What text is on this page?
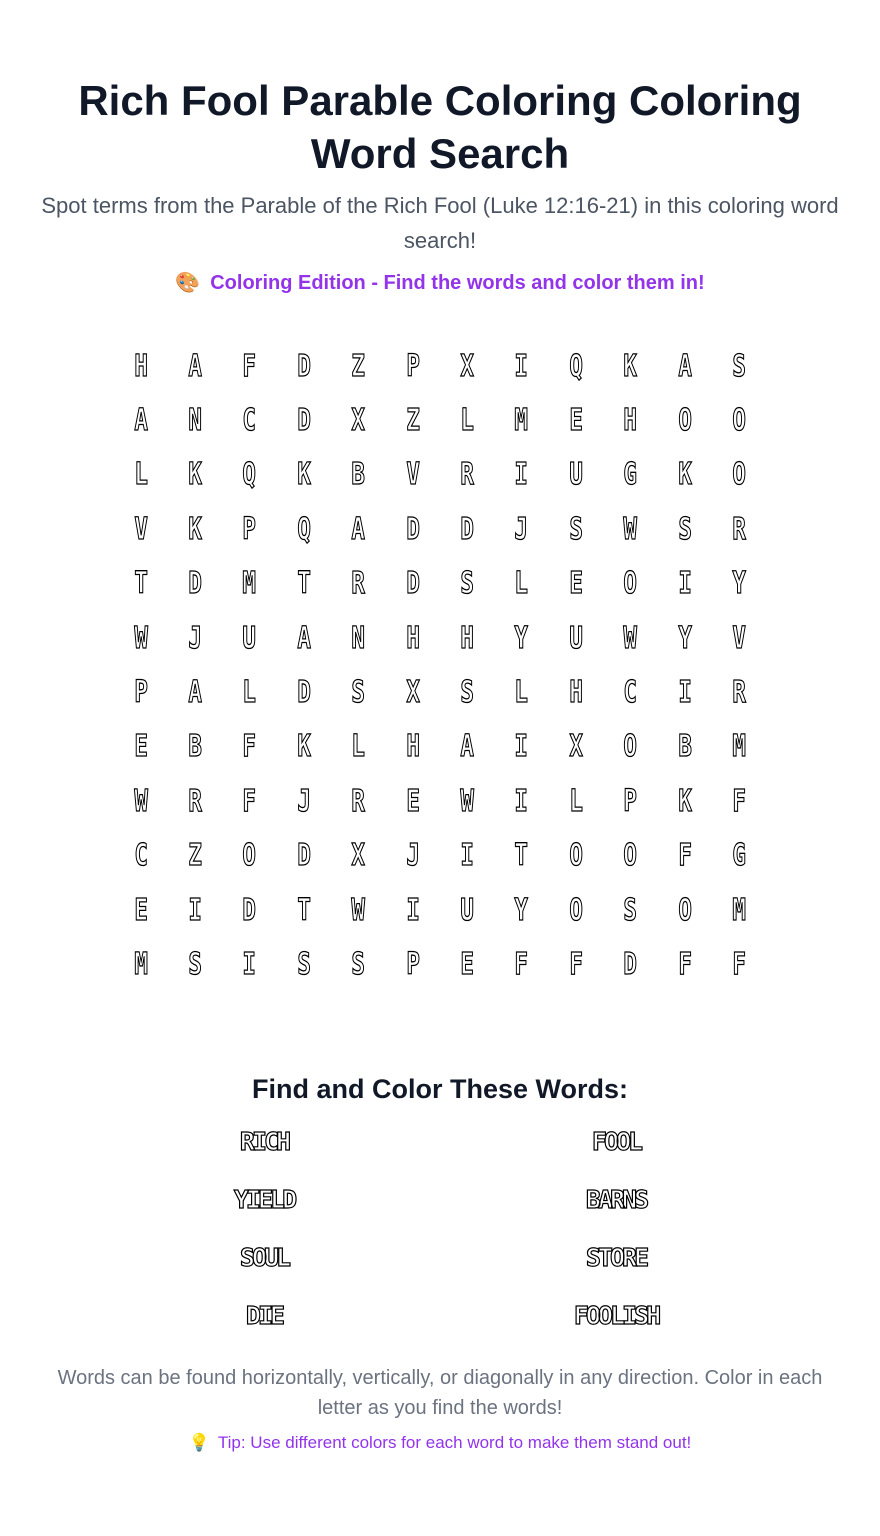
Rich Fool Parable Coloring Coloring Word Search
Spot terms from the Parable of the Rich Fool (Luke 12:16-21) in this coloring word search!
🎨 Coloring Edition - Find the words and color them in!
H	A	F	D	Z	P	X	I	Q	K	A	S
A	N	C	D	X	Z	L	M	E	H	O	O
L	K	Q	K	B	V	R	I	U	G	K	O
V	K	P	Q	A	D	D	J	S	W	S	R
T	D	M	T	R	D	S	L	E	O	I	Y
W	J	U	A	N	H	H	Y	U	W	Y	V
P	A	L	D	S	X	S	L	H	C	I	R
E	B	F	K	L	H	A	I	X	O	B	M
W	R	F	J	R	E	W	I	L	P	K	F
C	Z	O	D	X	J	I	T	O	O	F	G
E	I	D	T	W	I	U	Y	O	S	O	M
M	S	I	S	S	P	E	F	F	D	F	F
Find and Color These Words:
RICH	FOOL
YIELD	BARNS
SOUL	STORE
DIE	FOOLISH
Words can be found horizontally, vertically, or diagonally in any direction. Color in each letter as you find the words!
💡 Tip: Use different colors for each word to make them stand out!
